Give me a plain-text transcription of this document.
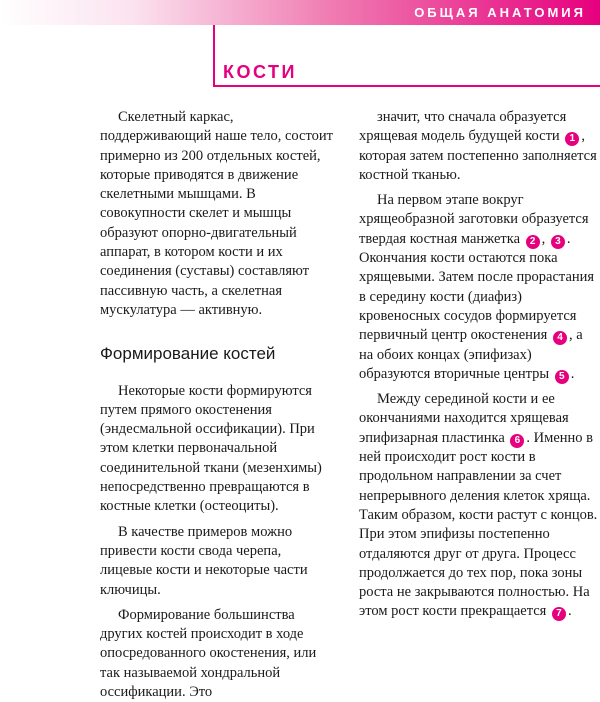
ОБЩАЯ АНАТОМИЯ
КОСТИ

Скелетный каркас, поддерживающий наше тело, состоит примерно из 200 отдельных костей, которые приводятся в движение скелетными мышцами. В совокупности скелет и мышцы образуют опорно-двигательный аппарат, в котором кости и их соединения (суставы) составляют пассивную часть, а скелетная мускулатура — активную.

Формирование костей

Некоторые кости формируются путем прямого окостенения (эндесмальной оссификации). При этом клетки первоначальной соединительной ткани (мезенхимы) непосредственно превращаются в костные клетки (остеоциты).

В качестве примеров можно привести кости свода черепа, лицевые кости и некоторые части ключицы.

Формирование большинства других костей происходит в ходе опосредованного окостенения, или так называемой хондральной оссификации. Это

значит, что сначала образуется хрящевая модель будущей кости 1 , которая затем постепенно заполняется костной тканью.

На первом этапе вокруг хрящеобразной заготовки образуется твердая костная манжетка 2 , 3 . Окончания кости остаются пока хрящевыми. Затем после прорастания в середину кости (диафиз) кровеносных сосудов формируется первичный центр окостенения 4 , а на обоих концах (эпифизах) образуются вторичные центры 5 .

Между серединой кости и ее окончаниями находится хрящевая эпифизарная пластинка 6 . Именно в ней происходит рост кости в продольном направлении за счет непрерывного деления клеток хряща. Таким образом, кости растут с концов. При этом эпифизы постепенно отдаляются друг от друга. Процесс продолжается до тех пор, пока зоны роста не закрываются полностью. На этом рост кости прекращается 7 .
